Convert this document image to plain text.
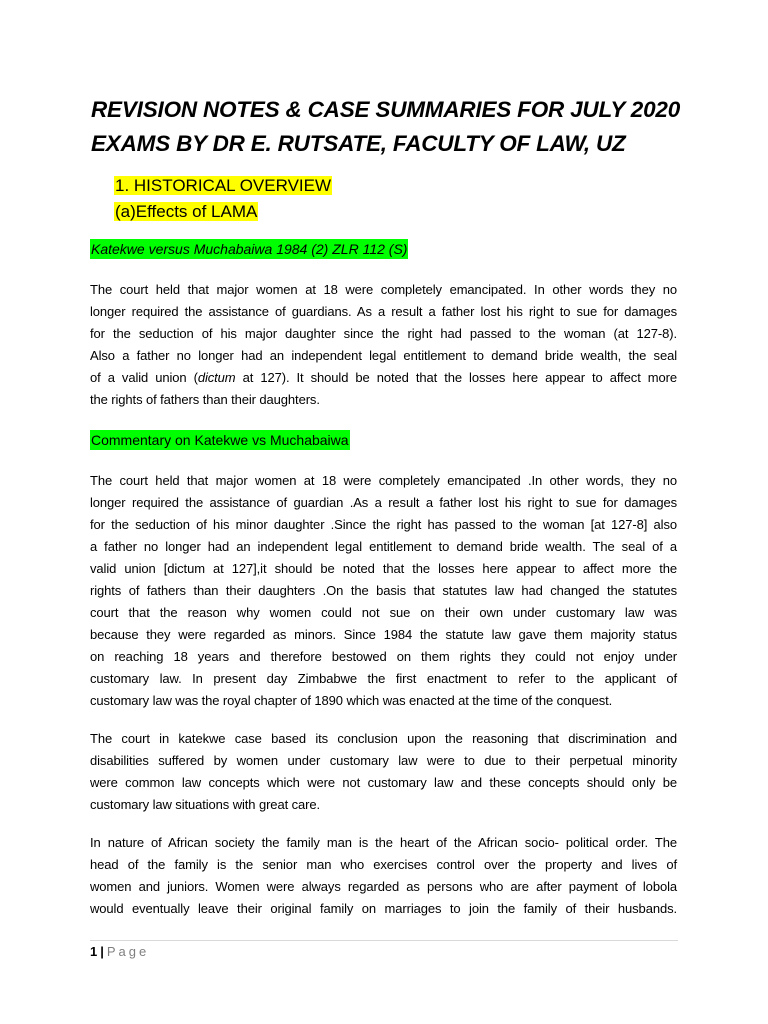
REVISION NOTES & CASE SUMMARIES FOR JULY 2020 EXAMS BY DR E. RUTSATE, FACULTY OF LAW, UZ
1. HISTORICAL OVERVIEW
(a)Effects of LAMA
Katekwe versus Muchabaiwa 1984 (2) ZLR 112 (S)
The court held that major women at 18 were completely emancipated. In other words they no
longer required the assistance of guardians. As a result a father lost his right to sue for damages
for the seduction of his major daughter since the right had passed to the woman (at 127-8).
Also a father no longer had an independent legal entitlement to demand bride wealth, the seal
of a valid union (dictum at 127). It should be noted that the losses here appear to affect more
the rights of fathers than their daughters.
Commentary on Katekwe vs Muchabaiwa
The court held that major women at 18 were completely emancipated .In other words, they no
longer required the assistance of guardian .As a result a father lost his right to sue for damages
for the seduction of his minor daughter .Since the right has passed to the woman [at 127-8] also
a father no longer had an independent legal entitlement to demand bride wealth. The seal of a
valid union [dictum at 127],it should be noted that the losses here appear to affect more the
rights of fathers than their daughters .On the basis that statutes law had changed the statutes
court that the reason why women could not sue on their own under customary law was
because they were regarded as minors. Since 1984 the statute law gave them majority status
on reaching 18 years and therefore bestowed on them rights they could not enjoy under
customary law. In present day Zimbabwe the first enactment to refer to the applicant of
customary law was the royal chapter of 1890 which was enacted at the time of the conquest.
The court in katekwe case based its conclusion upon the reasoning that discrimination and
disabilities suffered by women under customary law were to due to their perpetual minority
were common law concepts which were not customary law and these concepts should only be
customary law situations with great care.
In nature of African society the family man is the heart of the African socio- political order. The
head of the family is the senior man who exercises control over the property and lives of
women and juniors. Women were always regarded as persons who are after payment of lobola
would eventually leave their original family on marriages to join the family of their husbands.
1 | Page
